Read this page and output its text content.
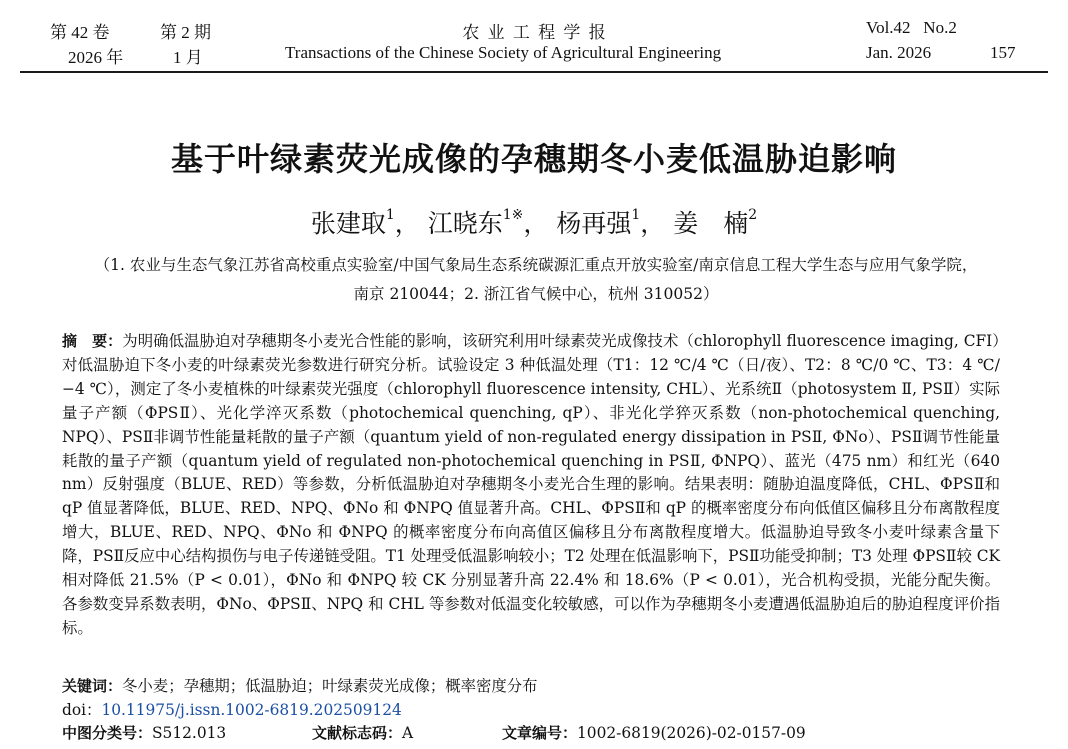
第 42 卷	第 2 期	农 业 工 程 学 报	Vol.42   No.2
2026 年	1 月	Transactions of the Chinese Society of Agricultural Engineering	Jan. 2026	157
基于叶绿素荧光成像的孕穗期冬小麦低温胁迫影响
张建取$^1$， 江晓东$^{1※}$， 杨再强$^1$， 姜　楠$^2$
（1. 农业与生态气象江苏省高校重点实验室/中国气象局生态系统碳源汇重点开放实验室/南京信息工程大学生态与应用气象学院，
南京 210044；2. 浙江省气候中心，杭州 310052）
摘　要：为明确低温胁迫对孕穗期冬小麦光合性能的影响，该研究利用叶绿素荧光成像技术（chlorophyll fluorescence imaging, CFI）对低温胁迫下冬小麦的叶绿素荧光参数进行研究分析。试验设定 3 种低温处理（T1：12 ℃/4 ℃（日/夜）、T2：8 ℃/0 ℃、T3：4 ℃/−4 ℃），测定了冬小麦植株的叶绿素荧光强度（chlorophyll fluorescence intensity, CHL）、光系统Ⅱ（photosystem Ⅱ, PSⅡ）实际量子产额（ΦPSⅡ）、光化学淬灭系数（photochemical quenching, qP）、非光化学猝灭系数（non-photochemical quenching, NPQ）、PSⅡ非调节性能量耗散的量子产额（quantum yield of non-regulated energy dissipation in PSⅡ, ΦNo）、PSⅡ调节性能量耗散的量子产额（quantum yield of regulated non-photochemical quenching in PSⅡ, ΦNPQ）、蓝光（475 nm）和红光（640 nm）反射强度（BLUE、RED）等参数，分析低温胁迫对孕穗期冬小麦光合生理的影响。结果表明：随胁迫温度降低，CHL、ΦPSⅡ和 qP 值显著降低，BLUE、RED、NPQ、ΦNo 和 ΦNPQ 值显著升高。CHL、ΦPSⅡ和 qP 的概率密度分布向低值区偏移且分布离散程度增大，BLUE、RED、NPQ、ΦNo 和 ΦNPQ 的概率密度分布向高值区偏移且分布离散程度增大。低温胁迫导致冬小麦叶绿素含量下降，PSⅡ反应中心结构损伤与电子传递链受阻。T1 处理受低温影响较小；T2 处理在低温影响下，PSⅡ功能受抑制；T3 处理 ΦPSⅡ较 CK 相对降低 21.5%（P < 0.01），ΦNo 和 ΦNPQ 较 CK 分别显著升高 22.4% 和 18.6%（P < 0.01），光合机构受损，光能分配失衡。各参数变异系数表明，ΦNo、ΦPSⅡ、NPQ 和 CHL 等参数对低温变化较敏感，可以作为孕穗期冬小麦遭遇低温胁迫后的胁迫程度评价指标。
关键词：冬小麦；孕穗期；低温胁迫；叶绿素荧光成像；概率密度分布
doi：10.11975/j.issn.1002-6819.202509124
中图分类号：S512.013	文献标志码：A	文章编号：1002-6819(2026)-02-0157-09
